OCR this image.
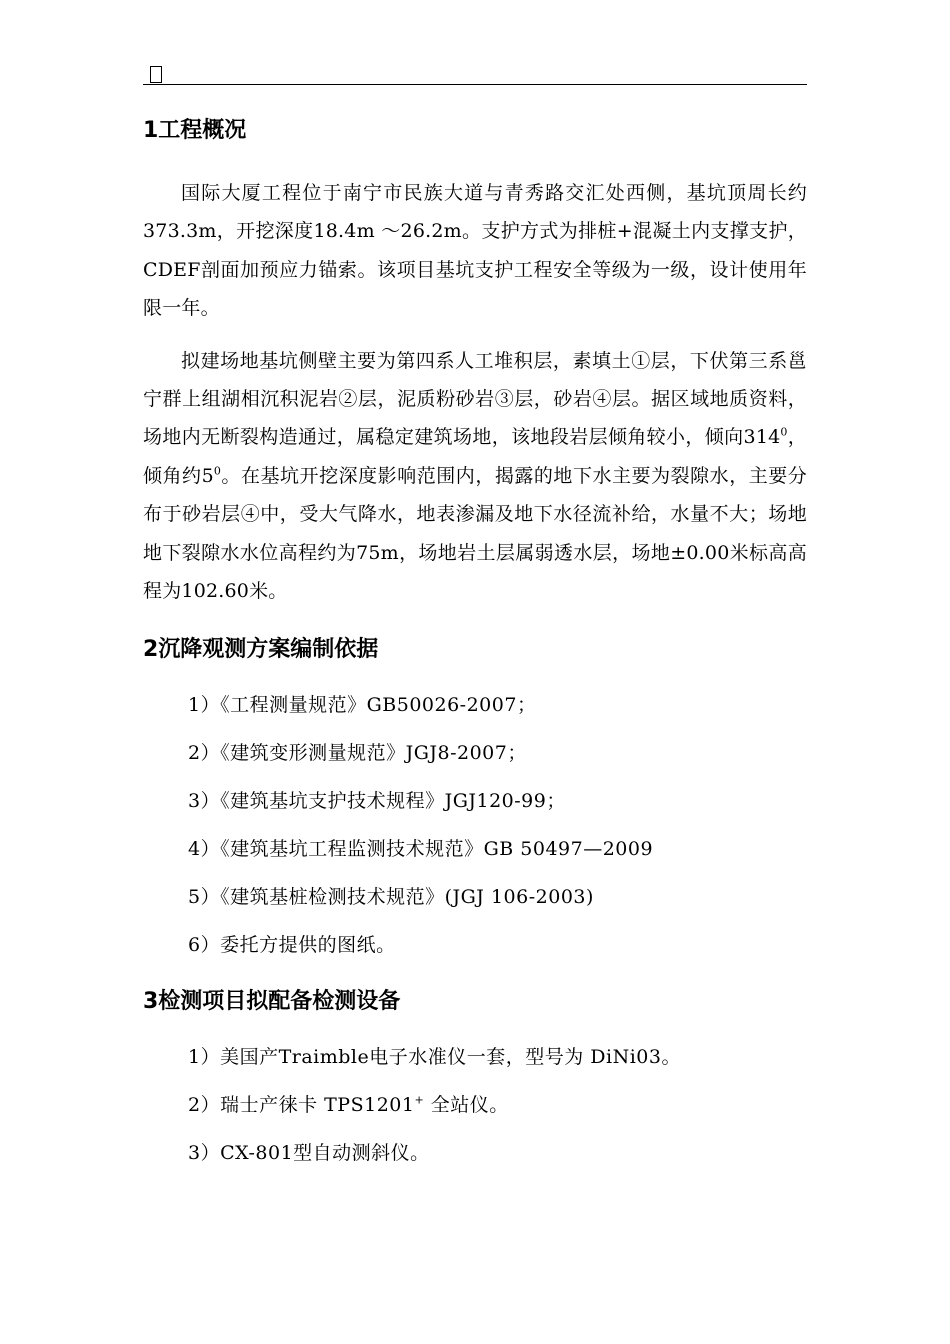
1工程概况

国际大厦工程位于南宁市民族大道与青秀路交汇处西侧，基坑顶周长约373.3m，开挖深度18.4m ～26.2m。支护方式为排桩+混凝土内支撑支护，CDEF剖面加预应力锚索。该项目基坑支护工程安全等级为一级，设计使用年限一年。

拟建场地基坑侧壁主要为第四系人工堆积层，素填土①层，下伏第三系邕宁群上组湖相沉积泥岩②层，泥质粉砂岩③层，砂岩④层。据区域地质资料，场地内无断裂构造通过，属稳定建筑场地，该地段岩层倾角较小，倾向$314^0$，倾角约$5^0$。在基坑开挖深度影响范围内，揭露的地下水主要为裂隙水，主要分布于砂岩层④中，受大气降水，地表渗漏及地下水径流补给，水量不大；场地地下裂隙水水位高程约为75m，场地岩土层属弱透水层，场地±0.00米标高高程为102.60米。

2沉降观测方案编制依据

1）《工程测量规范》GB50026-2007；

2）《建筑变形测量规范》JGJ8-2007；

3）《建筑基坑支护技术规程》JGJ120-99；

4）《建筑基坑工程监测技术规范》GB 50497—2009

5）《建筑基桩检测技术规范》(JGJ 106-2003)

6）委托方提供的图纸。

3检测项目拟配备检测设备

1）美国产Traimble电子水准仪一套，型号为 DiNi03。

2）瑞士产徕卡 TPS1201+ 全站仪。

3）CX-801型自动测斜仪。
